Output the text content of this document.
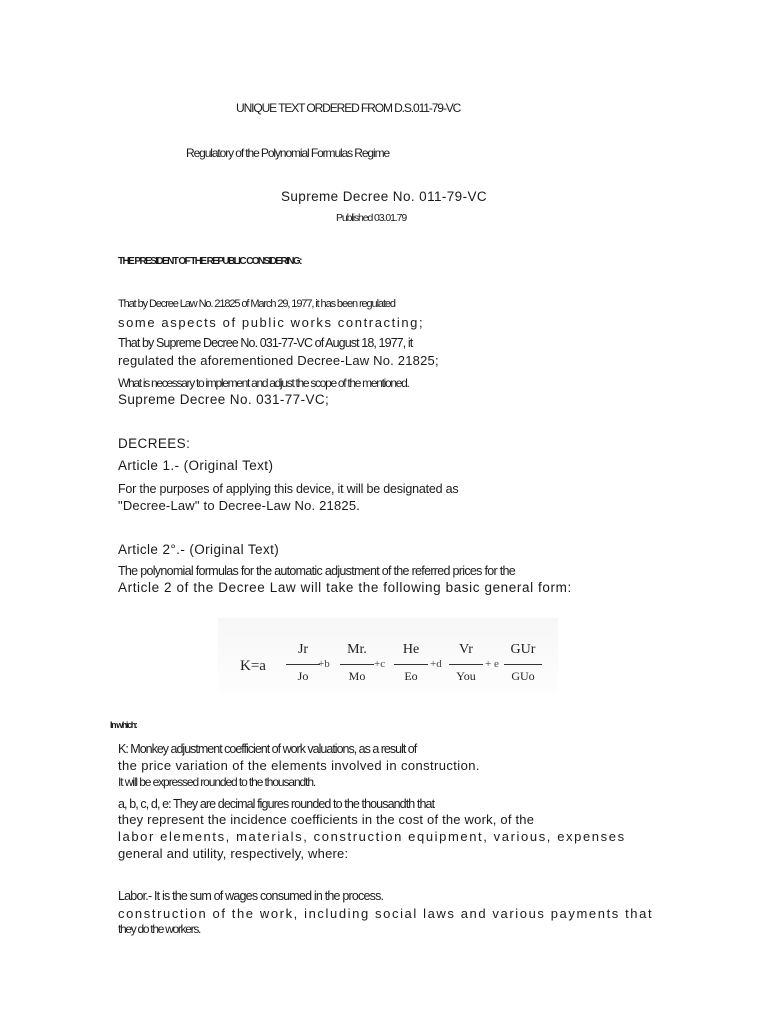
UNIQUE TEXT ORDERED FROM D.S.011-79-VC

Regulatory of the Polynomial Formulas Regime

Supreme Decree No. 011-79-VC

Published 03.01.79

THE PRESIDENT OF THE REPUBLIC CONSIDERING:

That by Decree Law No. 21825 of March 29, 1977, it has been regulated

some aspects of public works contracting;

That by Supreme Decree No. 031-77-VC of August 18, 1977, it

regulated the aforementioned Decree-Law No. 21825;

What is necessary to implement and adjust the scope of the mentioned.

Supreme Decree No. 031-77-VC;

DECREES:

Article 1.- (Original Text)

For the purposes of applying this device, it will be designated as

"Decree-Law" to Decree-Law No. 21825.

Article 2°.- (Original Text)

The polynomial formulas for the automatic adjustment of the referred prices for the

Article 2 of the Decree Law will take the following basic general form:

K=a
Jr
Jo
+b
Mr.
Mo
+c
He
Eo
+d
Vr
You
+ e
GUr
GUo

In which:

K: Monkey adjustment coefficient of work valuations, as a result of

the price variation of the elements involved in construction.

It will be expressed rounded to the thousandth.

a, b, c, d, e: They are decimal figures rounded to the thousandth that

they represent the incidence coefficients in the cost of the work, of the

labor elements, materials, construction equipment, various, expenses

general and utility, respectively, where:

Labor.- It is the sum of wages consumed in the process.

construction of the work, including social laws and various payments that

they do the workers.
